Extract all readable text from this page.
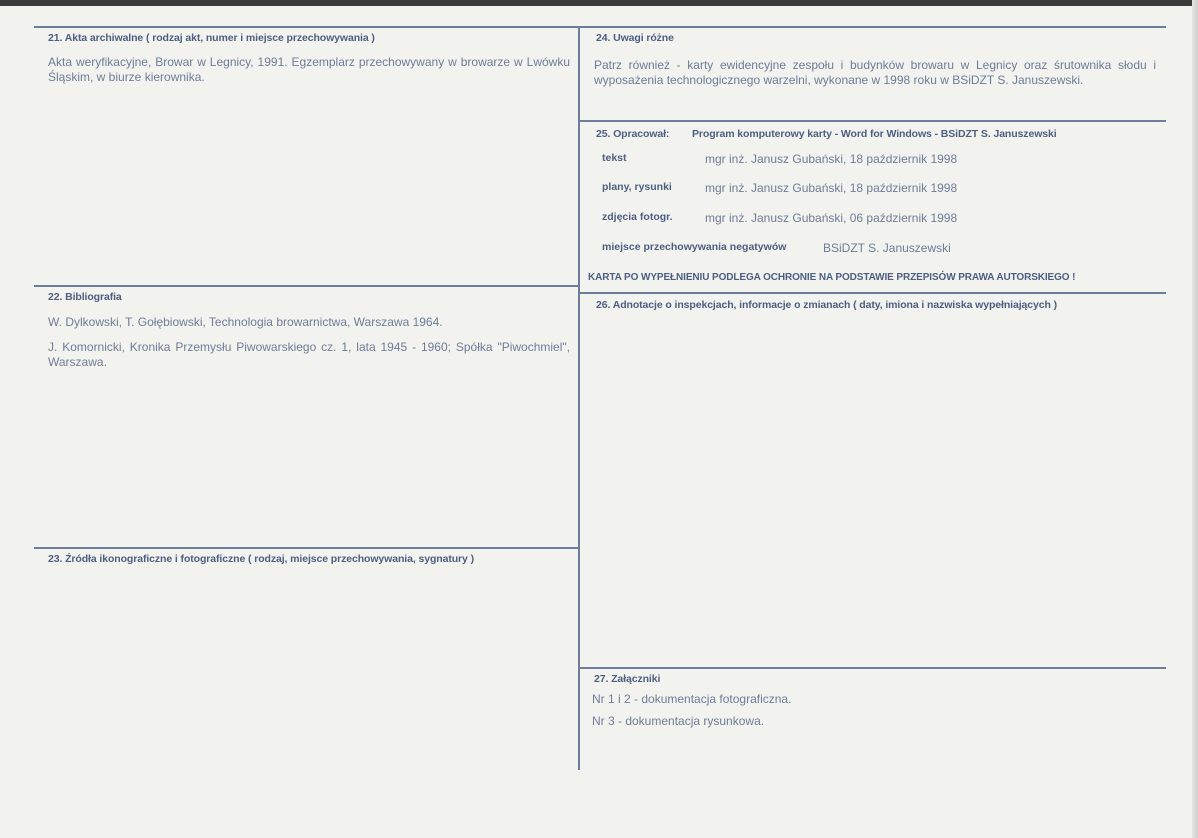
21. Akta archiwalne ( rodzaj akt, numer i miejsce przechowywania )
Akta weryfikacyjne, Browar w Legnicy, 1991. Egzemplarz przechowywany w browarze w Lwówku Śląskim, w biurze kierownika.
22. Bibliografia
W. Dylkowski, T. Gołębiowski, Technologia browarnictwa, Warszawa 1964.
J. Komornicki, Kronika Przemysłu Piwowarskiego cz. 1, lata 1945 - 1960; Spółka "Piwochmiel", Warszawa.
23. Źródła ikonograficzne i fotograficzne ( rodzaj, miejsce przechowywania, sygnatury )
24. Uwagi różne
Patrz również - karty ewidencyjne zespołu i budynków browaru w Legnicy oraz śrutownika słodu i wyposażenia technologicznego warzelni, wykonane w 1998 roku w BSiDZT S. Januszewski.
25. Opracował: Program komputerowy karty - Word for Windows - BSiDZT S. Januszewski
tekst	mgr inż. Janusz Gubański, 18 październik 1998
plany, rysunki	mgr inż. Janusz Gubański, 18 październik 1998
zdjęcia fotogr.	mgr inż. Janusz Gubański, 06 październik 1998
miejsce przechowywania negatywów	BSiDZT S. Januszewski
KARTA PO WYPEŁNIENIU PODLEGA OCHRONIE NA PODSTAWIE PRZEPISÓW PRAWA AUTORSKIEGO !
26. Adnotacje o inspekcjach, informacje o zmianach ( daty, imiona i nazwiska wypełniających )
27. Załączniki
Nr 1 i 2 - dokumentacja fotograficzna.
Nr 3 - dokumentacja rysunkowa.
